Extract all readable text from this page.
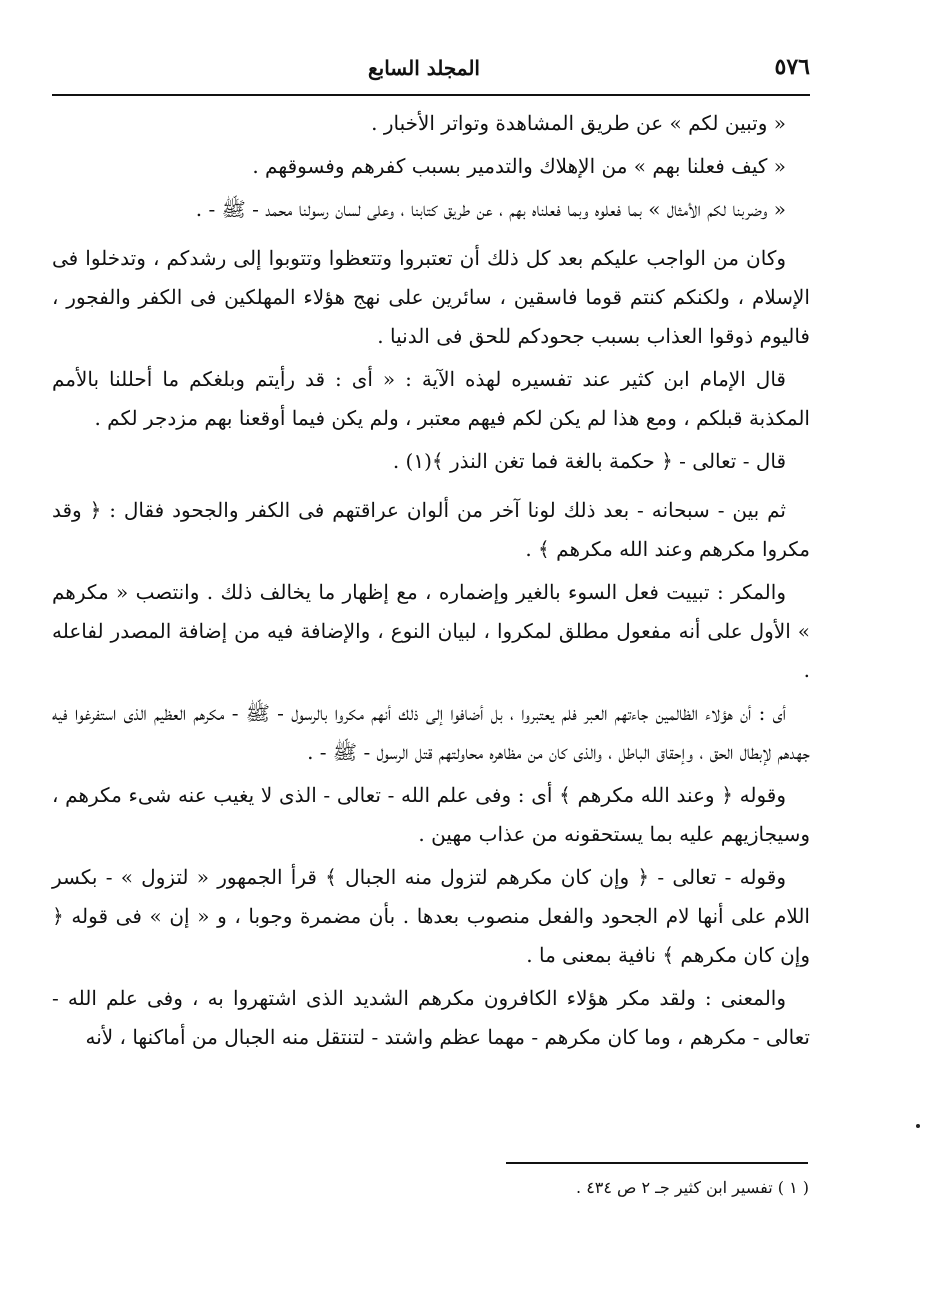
٥٧٦
المجلد السابع

« وتبين لكم » عن طريق المشاهدة وتواتر الأخبار .

« كيف فعلنا بهم » من الإهلاك والتدمير بسبب كفرهم وفسوقهم .

« وضربنا لكم الأمثال » بما فعلوه وبما فعلناه بهم ، عن طريق كتابنا ، وعلى لسان رسولنا محمد - ﷺ - .

وكان من الواجب عليكم بعد كل ذلك أن تعتبروا وتتعظوا وتتوبوا إلى رشدكم ، وتدخلوا فى الإسلام ، ولكنكم كنتم قوما فاسقين ، سائرين على نهج هؤلاء المهلكين فى الكفر والفجور ، فاليوم ذوقوا العذاب بسبب جحودكم للحق فى الدنيا .

قال الإمام ابن كثير عند تفسيره لهذه الآية : « أى : قد رأيتم وبلغكم ما أحللنا بالأمم المكذبة قبلكم ، ومع هذا لم يكن لكم فيهم معتبر ، ولم يكن فيما أوقعنا بهم مزدجر لكم .

قال - تعالى - ﴿ حكمة بالغة فما تغن النذر ﴾(١) .

ثم بين - سبحانه - بعد ذلك لونا آخر من ألوان عراقتهم فى الكفر والجحود فقال : ﴿ وقد مكروا مكرهم وعند الله مكرهم ﴾ .

والمكر : تبييت فعل السوء بالغير وإضماره ، مع إظهار ما يخالف ذلك . وانتصب « مكرهم » الأول على أنه مفعول مطلق لمكروا ، لبيان النوع ، والإضافة فيه من إضافة المصدر لفاعله .

أى : أن هؤلاء الظالمين جاءتهم العبر فلم يعتبروا ، بل أضافوا إلى ذلك أنهم مكروا بالرسول - ﷺ - مكرهم العظيم الذى استفرغوا فيه جهدهم لإبطال الحق ، وإحقاق الباطل ، والذى كان من مظاهره محاولتهم قتل الرسول - ﷺ - .

وقوله ﴿ وعند الله مكرهم ﴾ أى : وفى علم الله - تعالى - الذى لا يغيب عنه شىء مكرهم ، وسيجازيهم عليه بما يستحقونه من عذاب مهين .

وقوله - تعالى - ﴿ وإن كان مكرهم لتزول منه الجبال ﴾ قرأ الجمهور « لتزول » - بكسر اللام على أنها لام الجحود والفعل منصوب بعدها . بأن مضمرة وجوبا ، و « إن » فى قوله ﴿ وإن كان مكرهم ﴾ نافية بمعنى ما .

والمعنى : ولقد مكر هؤلاء الكافرون مكرهم الشديد الذى اشتهروا به ، وفى علم الله - تعالى - مكرهم ، وما كان مكرهم - مهما عظم واشتد - لتنتقل منه الجبال من أماكنها ، لأنه

( ١ ) تفسير ابن كثير جـ ٢ ص ٤٣٤ .
